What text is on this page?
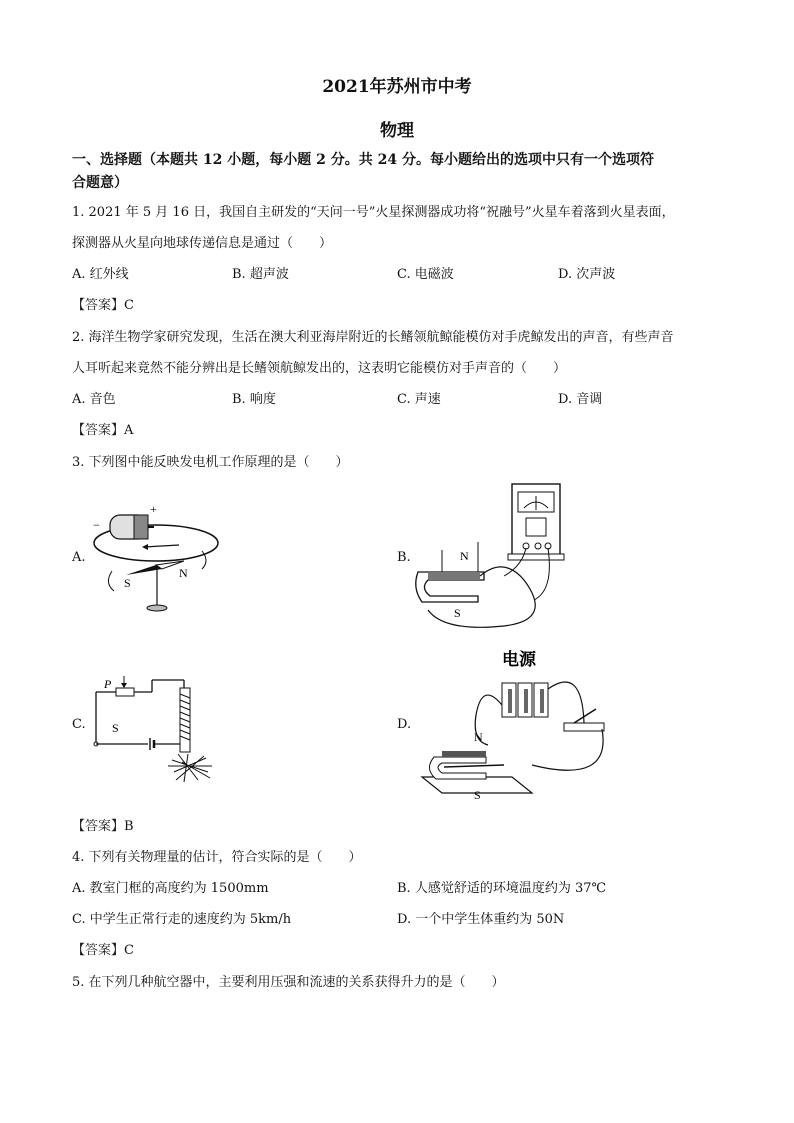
2021年苏州市中考
物理
一、选择题（本题共 12 小题，每小题 2 分。共 24 分。每小题给出的选项中只有一个选项符
合题意）
1. 2021 年 5 月 16 日，我国自主研发的“天问一号”火星探测器成功将“祝融号”火星车着落到火星表面，
探测器从火星向地球传递信息是通过（　　）
A. 红外线	B. 超声波	C. 电磁波	D. 次声波
【答案】C
2. 海洋生物学家研究发现，生活在澳大利亚海岸附近的长鳍领航鲸能模仿对手虎鲸发出的声音，有些声音
人耳听起来竟然不能分辨出是长鳍领航鲸发出的，这表明它能模仿对手声音的（　　）
A. 音色	B. 响度	C. 声速	D. 音调
【答案】A
3. 下列图中能反映发电机工作原理的是（　　）
A.	B.
C.	D.
−
+
S
N
N
S
P
S
电源
N
S
【答案】B
4. 下列有关物理量的估计，符合实际的是（　　）
A. 教室门框的高度约为 1500mm	B. 人感觉舒适的环境温度约为 37℃
C. 中学生正常行走的速度约为 5km/h	D. 一个中学生体重约为 50N
【答案】C
5. 在下列几种航空器中，主要利用压强和流速的关系获得升力的是（　　）
